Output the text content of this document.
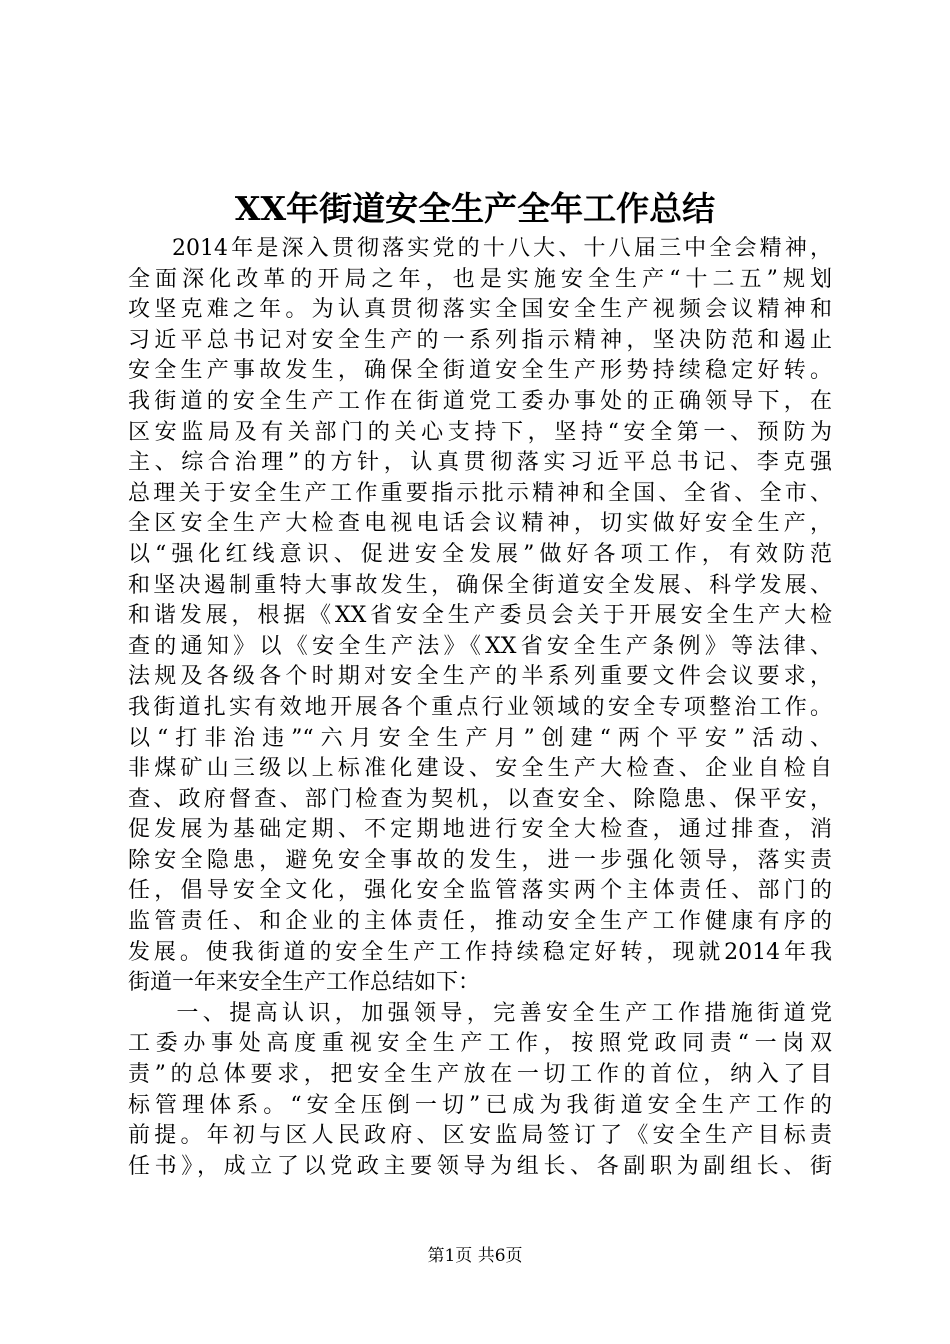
XX年街道安全生产全年工作总结
2014年是深入贯彻落实党的十八大、十八届三中全会精神，
全面深化改革的开局之年，也是实施安全生产“十二五”规划
攻坚克难之年。为认真贯彻落实全国安全生产视频会议精神和
习近平总书记对安全生产的一系列指示精神，坚决防范和遏止
安全生产事故发生，确保全街道安全生产形势持续稳定好转。
我街道的安全生产工作在街道党工委办事处的正确领导下，在
区安监局及有关部门的关心支持下，坚持“安全第一、预防为
主、综合治理”的方针，认真贯彻落实习近平总书记、李克强
总理关于安全生产工作重要指示批示精神和全国、全省、全市、
全区安全生产大检查电视电话会议精神，切实做好安全生产，
以“强化红线意识、促进安全发展”做好各项工作，有效防范
和坚决遏制重特大事故发生，确保全街道安全发展、科学发展、
和谐发展，根据《XX省安全生产委员会关于开展安全生产大检
查的通知》以《安全生产法》《XX省安全生产条例》等法律、
法规及各级各个时期对安全生产的半系列重要文件会议要求，
我街道扎实有效地开展各个重点行业领域的安全专项整治工作。
以“打非治违”“六月安全生产月”创建“两个平安”活动、
非煤矿山三级以上标准化建设、安全生产大检查、企业自检自
查、政府督查、部门检查为契机，以查安全、除隐患、保平安，
促发展为基础定期、不定期地进行安全大检查，通过排查，消
除安全隐患，避免安全事故的发生，进一步强化领导，落实责
任，倡导安全文化，强化安全监管落实两个主体责任、部门的
监管责任、和企业的主体责任，推动安全生产工作健康有序的
发展。使我街道的安全生产工作持续稳定好转，现就2014年我
街道一年来安全生产工作总结如下：
一、提高认识，加强领导，完善安全生产工作措施街道党
工委办事处高度重视安全生产工作，按照党政同责“一岗双
责”的总体要求，把安全生产放在一切工作的首位，纳入了目
标管理体系。“安全压倒一切”已成为我街道安全生产工作的
前提。年初与区人民政府、区安监局签订了《安全生产目标责
任书》，成立了以党政主要领导为组长、各副职为副组长、街
第1页 共6页
